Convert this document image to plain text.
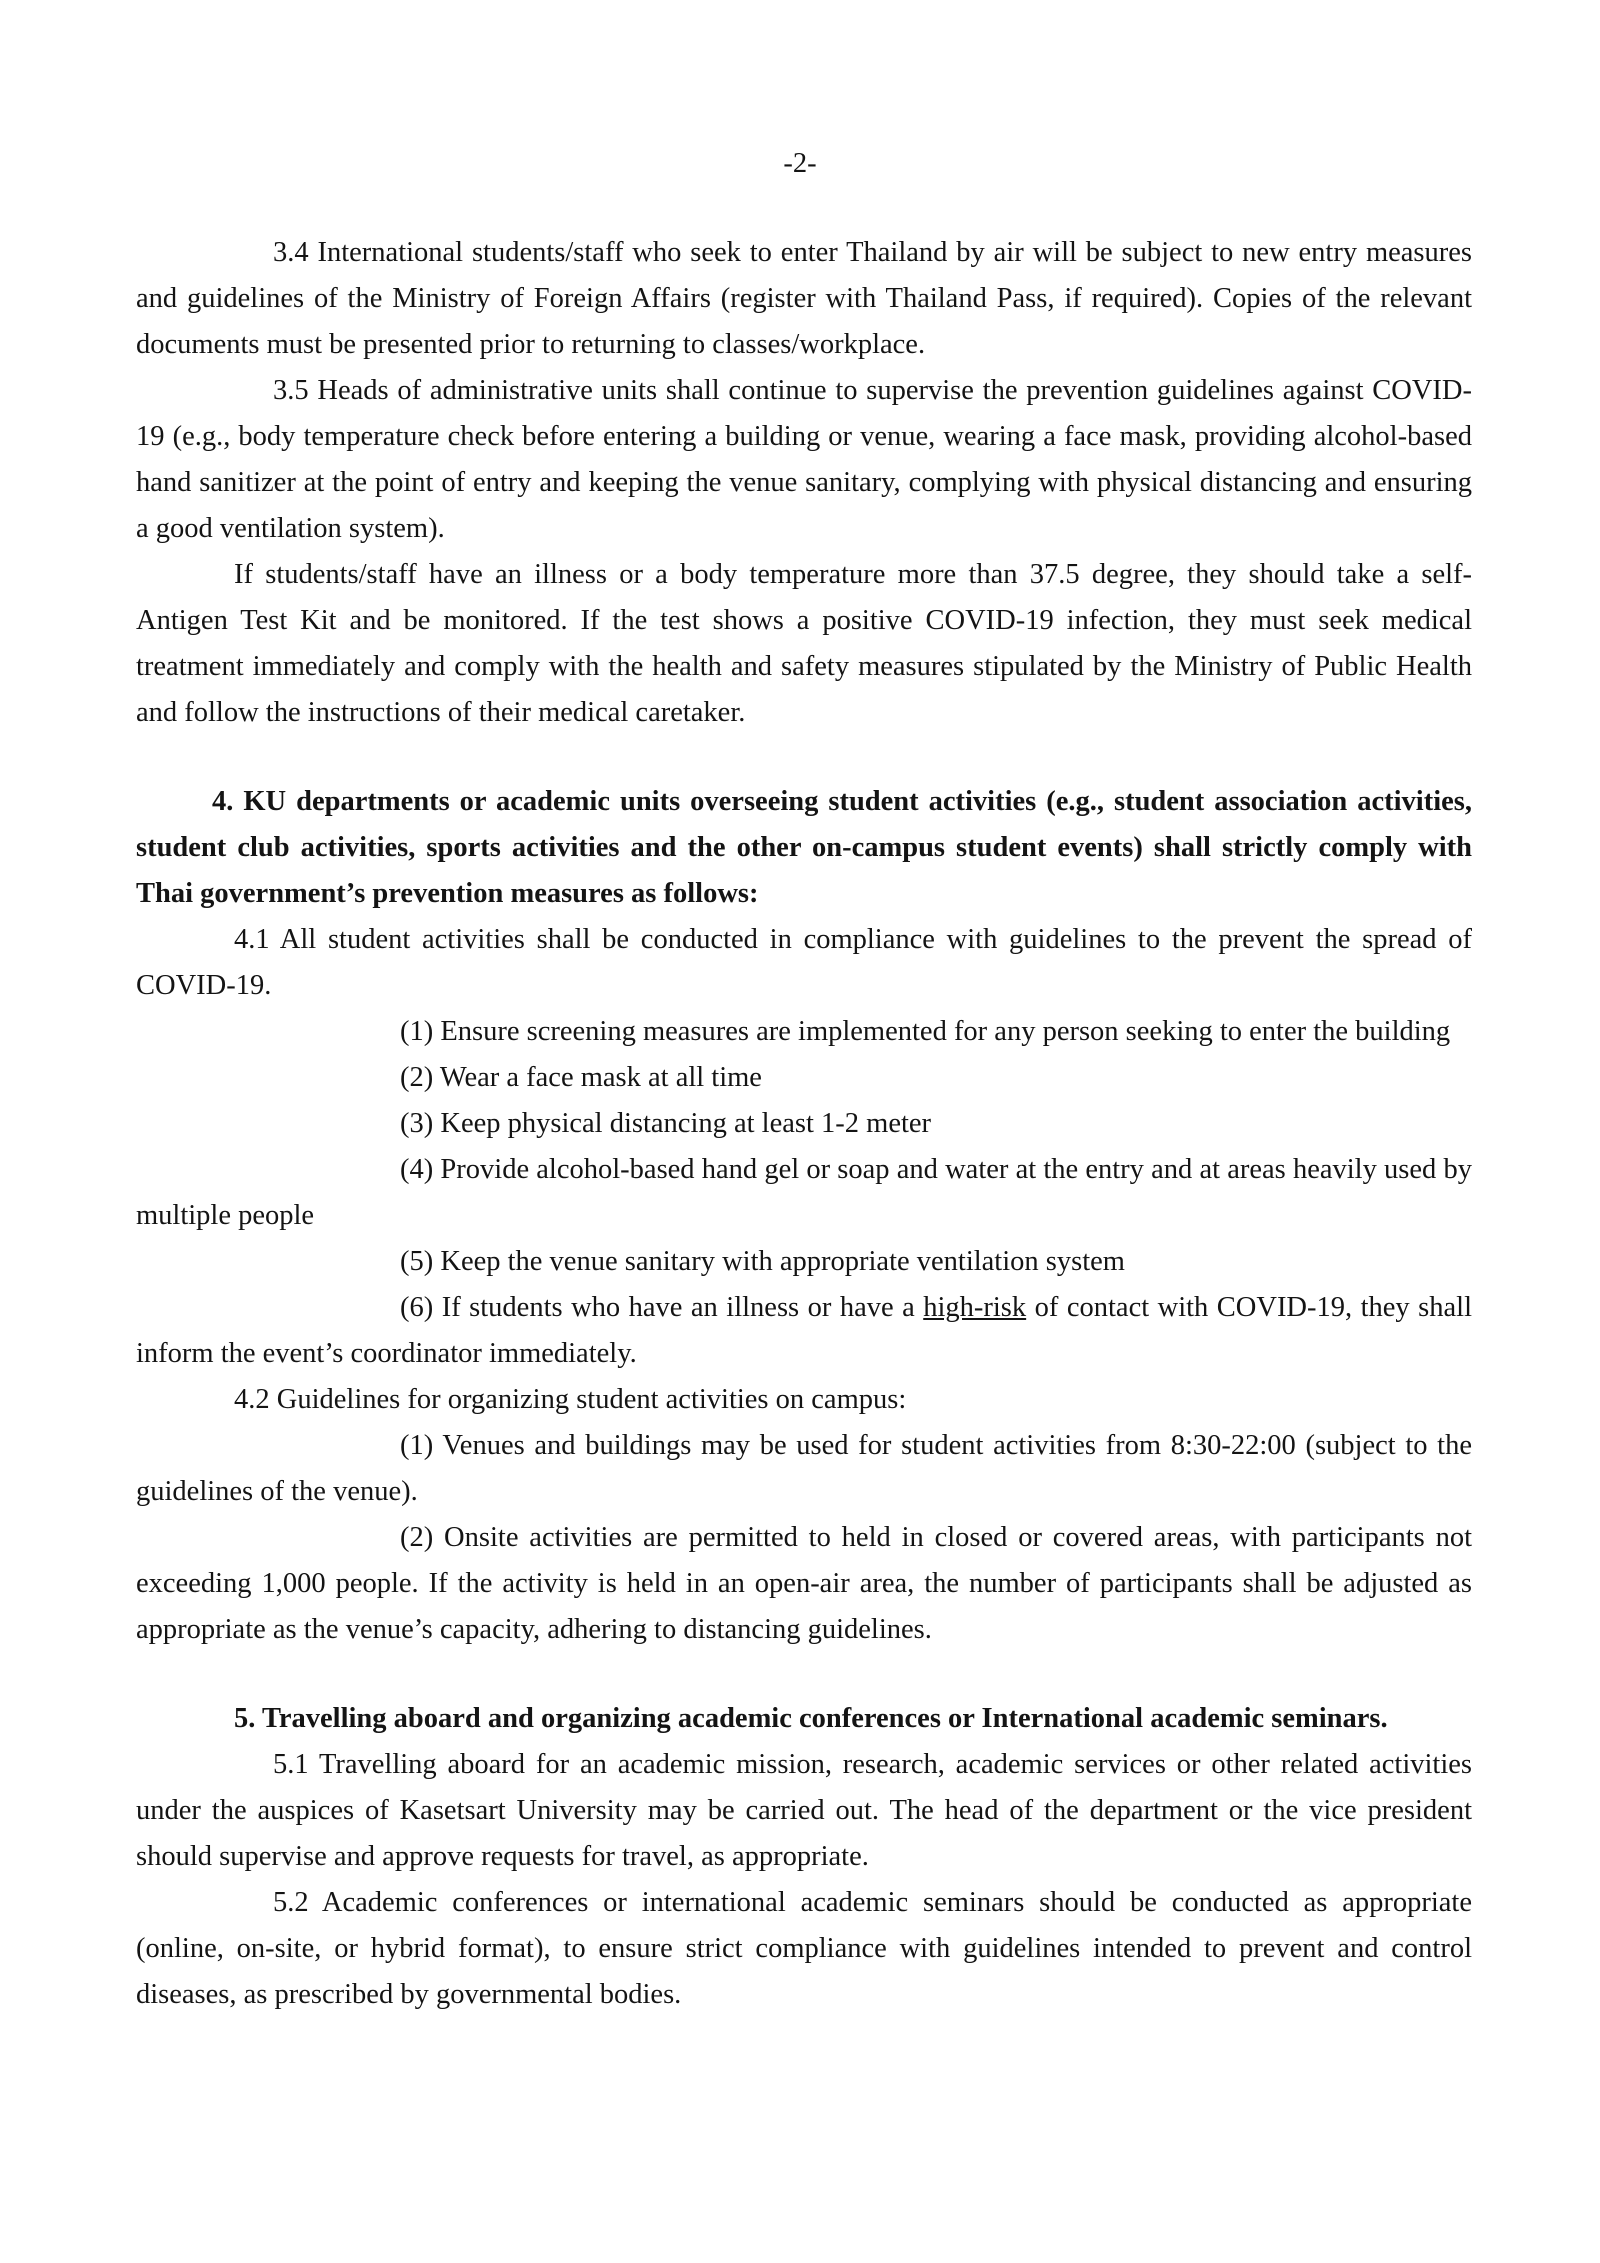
-2-

3.4 International students/staff who seek to enter Thailand by air will be subject to new entry measures and guidelines of the Ministry of Foreign Affairs (register with Thailand Pass, if required). Copies of the relevant documents must be presented prior to returning to classes/workplace.

3.5 Heads of administrative units shall continue to supervise the prevention guidelines against COVID-19 (e.g., body temperature check before entering a building or venue, wearing a face mask, providing alcohol-based hand sanitizer at the point of entry and keeping the venue sanitary, complying with physical distancing and ensuring a good ventilation system).

If students/staff have an illness or a body temperature more than 37.5 degree, they should take a self-Antigen Test Kit and be monitored. If the test shows a positive COVID-19 infection, they must seek medical treatment immediately and comply with the health and safety measures stipulated by the Ministry of Public Health and follow the instructions of their medical caretaker.

4. KU departments or academic units overseeing student activities (e.g., student association activities, student club activities, sports activities and the other on-campus student events) shall strictly comply with Thai government’s prevention measures as follows:

4.1 All student activities shall be conducted in compliance with guidelines to the prevent the spread of COVID-19.

(1) Ensure screening measures are implemented for any person seeking to enter the building

(2) Wear a face mask at all time

(3) Keep physical distancing at least 1-2 meter

(4) Provide alcohol-based hand gel or soap and water at the entry and at areas heavily used by multiple people

(5) Keep the venue sanitary with appropriate ventilation system

(6) If students who have an illness or have a high-risk of contact with COVID-19, they shall inform the event’s coordinator immediately.

4.2 Guidelines for organizing student activities on campus:

(1) Venues and buildings may be used for student activities from 8:30-22:00 (subject to the guidelines of the venue).

(2) Onsite activities are permitted to held in closed or covered areas, with participants not exceeding 1,000 people. If the activity is held in an open-air area, the number of participants shall be adjusted as appropriate as the venue’s capacity, adhering to distancing guidelines.

5. Travelling aboard and organizing academic conferences or International academic seminars.

5.1 Travelling aboard for an academic mission, research, academic services or other related activities under the auspices of Kasetsart University may be carried out. The head of the department or the vice president should supervise and approve requests for travel, as appropriate.

5.2 Academic conferences or international academic seminars should be conducted as appropriate (online, on-site, or hybrid format), to ensure strict compliance with guidelines intended to prevent and control diseases, as prescribed by governmental bodies.
